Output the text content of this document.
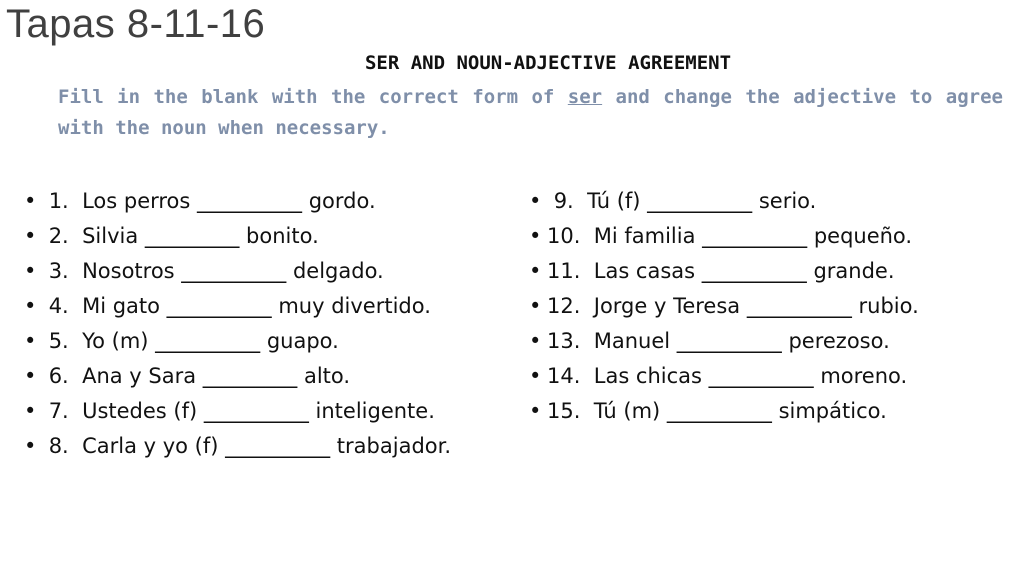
Tapas 8-11-16
SER AND NOUN-ADJECTIVE AGREEMENT
Fill in the blank with the correct form of ser and change the adjective to agree with the noun when necessary.
• 1.  Los perros __________ gordo.
• 2.  Silvia _________ bonito.
• 3.  Nosotros __________ delgado.
• 4.  Mi gato __________ muy divertido.
• 5.  Yo (m) __________ guapo.
• 6.  Ana y Sara _________ alto.
• 7.  Ustedes (f) __________ inteligente.
• 8.  Carla y yo (f) __________ trabajador.
• 9.  Tú (f) __________ serio.
• 10.  Mi familia __________ pequeño.
• 11.  Las casas __________ grande.
• 12.  Jorge y Teresa __________ rubio.
• 13.  Manuel __________ perezoso.
• 14.  Las chicas __________ moreno.
• 15.  Tú (m) __________ simpático.
